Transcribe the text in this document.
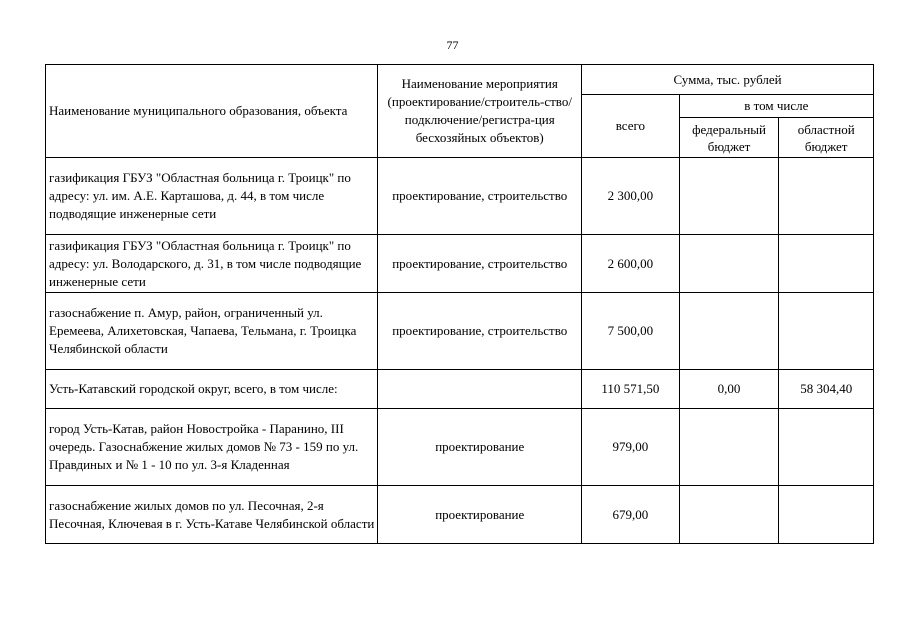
77
Наименование муниципального образования, объекта	Наименование мероприятия (проектирование/строитель-ство/подключение/регистра-ция бесхозяйных объектов)	Сумма, тыс. рублей		
		всего	в том числе	
			федеральный бюджет	областной бюджет
газификация ГБУЗ "Областная больница г. Троицк" по адресу: ул. им. А.Е. Карташова, д. 44, в том числе подводящие инженерные сети	проектирование, строительство	2 300,00		
газификация ГБУЗ "Областная больница г. Троицк" по адресу: ул. Володарского, д. 31, в том числе подводящие инженерные сети	проектирование, строительство	2 600,00		
газоснабжение п. Амур, район, ограниченный ул. Еремеева, Алихетовская, Чапаева, Тельмана, г. Троицка Челябинской области	проектирование, строительство	7 500,00		
Усть-Катавский городской округ, всего, в том числе:		110 571,50	0,00	58 304,40
город Усть-Катав, район Новостройка - Паранино, III очередь. Газоснабжение жилых домов № 73 - 159 по ул. Правдиных и № 1 - 10 по ул. 3-я Кладенная	проектирование	979,00		
газоснабжение жилых домов по ул. Песочная, 2-я Песочная, Ключевая в г. Усть-Катаве Челябинской области	проектирование	679,00		
